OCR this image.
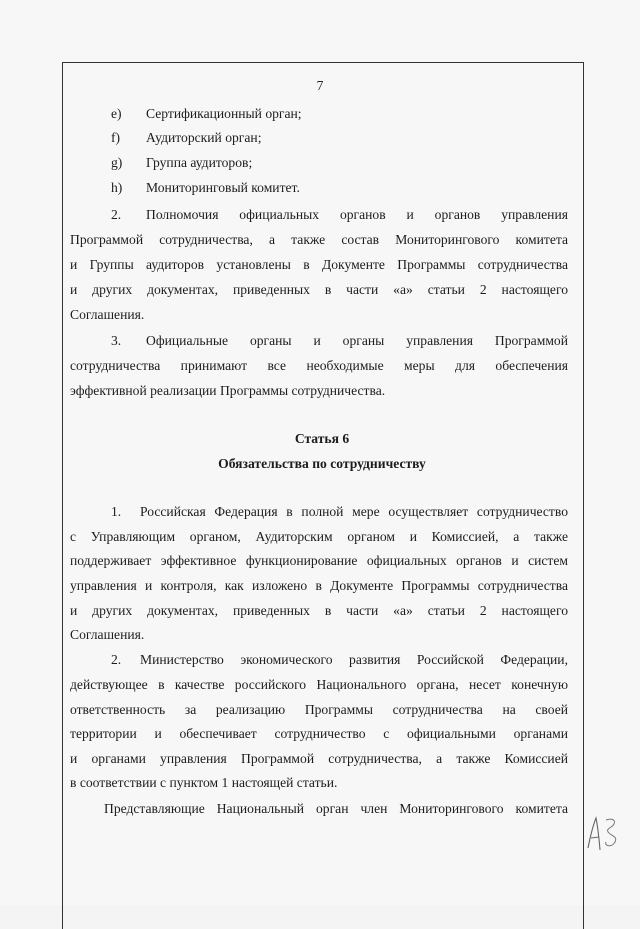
7
e) Сертификационный орган;
f) Аудиторский орган;
g) Группа аудиторов;
h) Мониторинговый комитет.
2. Полномочия официальных органов и органов управления
Программой сотрудничества, а также состав Мониторингового комитета
и Группы аудиторов установлены в Документе Программы сотрудничества
и других документах, приведенных в части «а» статьи 2 настоящего
Соглашения.
3. Официальные органы и органы управления Программой
сотрудничества принимают все необходимые меры для обеспечения
эффективной реализации Программы сотрудничества.
Статья 6
Обязательства по сотрудничеству
1. Российская Федерация в полной мере осуществляет сотрудничество
с Управляющим органом, Аудиторским органом и Комиссией, а также
поддерживает эффективное функционирование официальных органов и систем
управления и контроля, как изложено в Документе Программы сотрудничества
и других документах, приведенных в части «а» статьи 2 настоящего
Соглашения.
2. Министерство экономического развития Российской Федерации,
действующее в качестве российского Национального органа, несет конечную
ответственность за реализацию Программы сотрудничества на своей
территории и обеспечивает сотрудничество с официальными органами
и органами управления Программой сотрудничества, а также Комиссией
в соответствии с пунктом 1 настоящей статьи.
Представляющие Национальный орган член Мониторингового комитета
